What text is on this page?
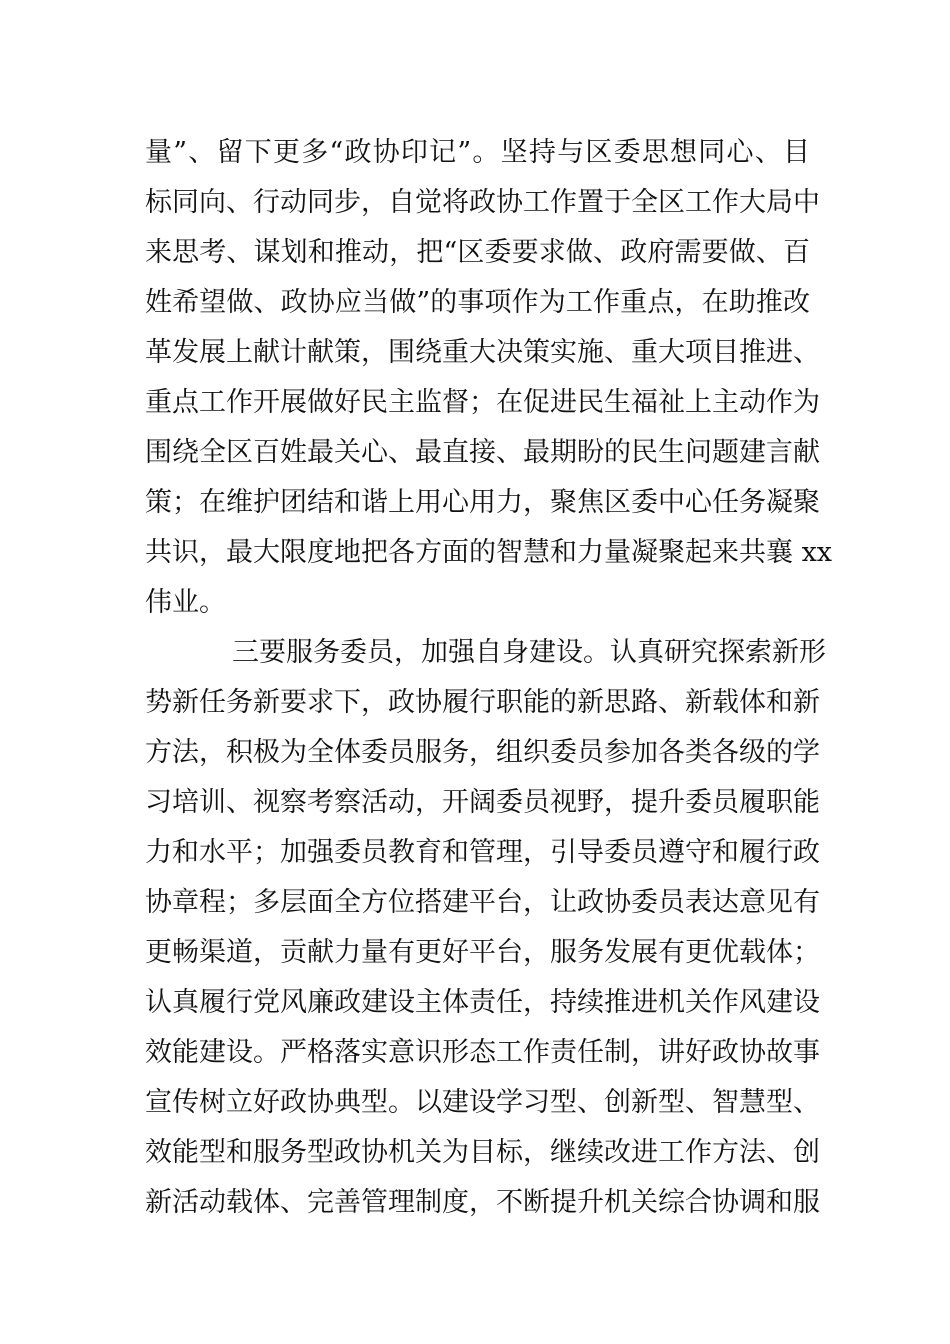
量”、留下更多“政协印记”。坚持与区委思想同心、目
标同向、行动同步，自觉将政协工作置于全区工作大局中
来思考、谋划和推动，把“区委要求做、政府需要做、百
姓希望做、政协应当做”的事项作为工作重点，在助推改
革发展上献计献策，围绕重大决策实施、重大项目推进、
重点工作开展做好民主监督；在促进民生福祉上主动作为
围绕全区百姓最关心、最直接、最期盼的民生问题建言献
策；在维护团结和谐上用心用力，聚焦区委中心任务凝聚
共识，最大限度地把各方面的智慧和力量凝聚起来共襄 xx
伟业。
三要服务委员，加强自身建设。认真研究探索新形
势新任务新要求下，政协履行职能的新思路、新载体和新
方法，积极为全体委员服务，组织委员参加各类各级的学
习培训、视察考察活动，开阔委员视野，提升委员履职能
力和水平；加强委员教育和管理，引导委员遵守和履行政
协章程；多层面全方位搭建平台，让政协委员表达意见有
更畅渠道，贡献力量有更好平台，服务发展有更优载体；
认真履行党风廉政建设主体责任，持续推进机关作风建设
效能建设。严格落实意识形态工作责任制，讲好政协故事
宣传树立好政协典型。以建设学习型、创新型、智慧型、
效能型和服务型政协机关为目标，继续改进工作方法、创
新活动载体、完善管理制度，不断提升机关综合协调和服
